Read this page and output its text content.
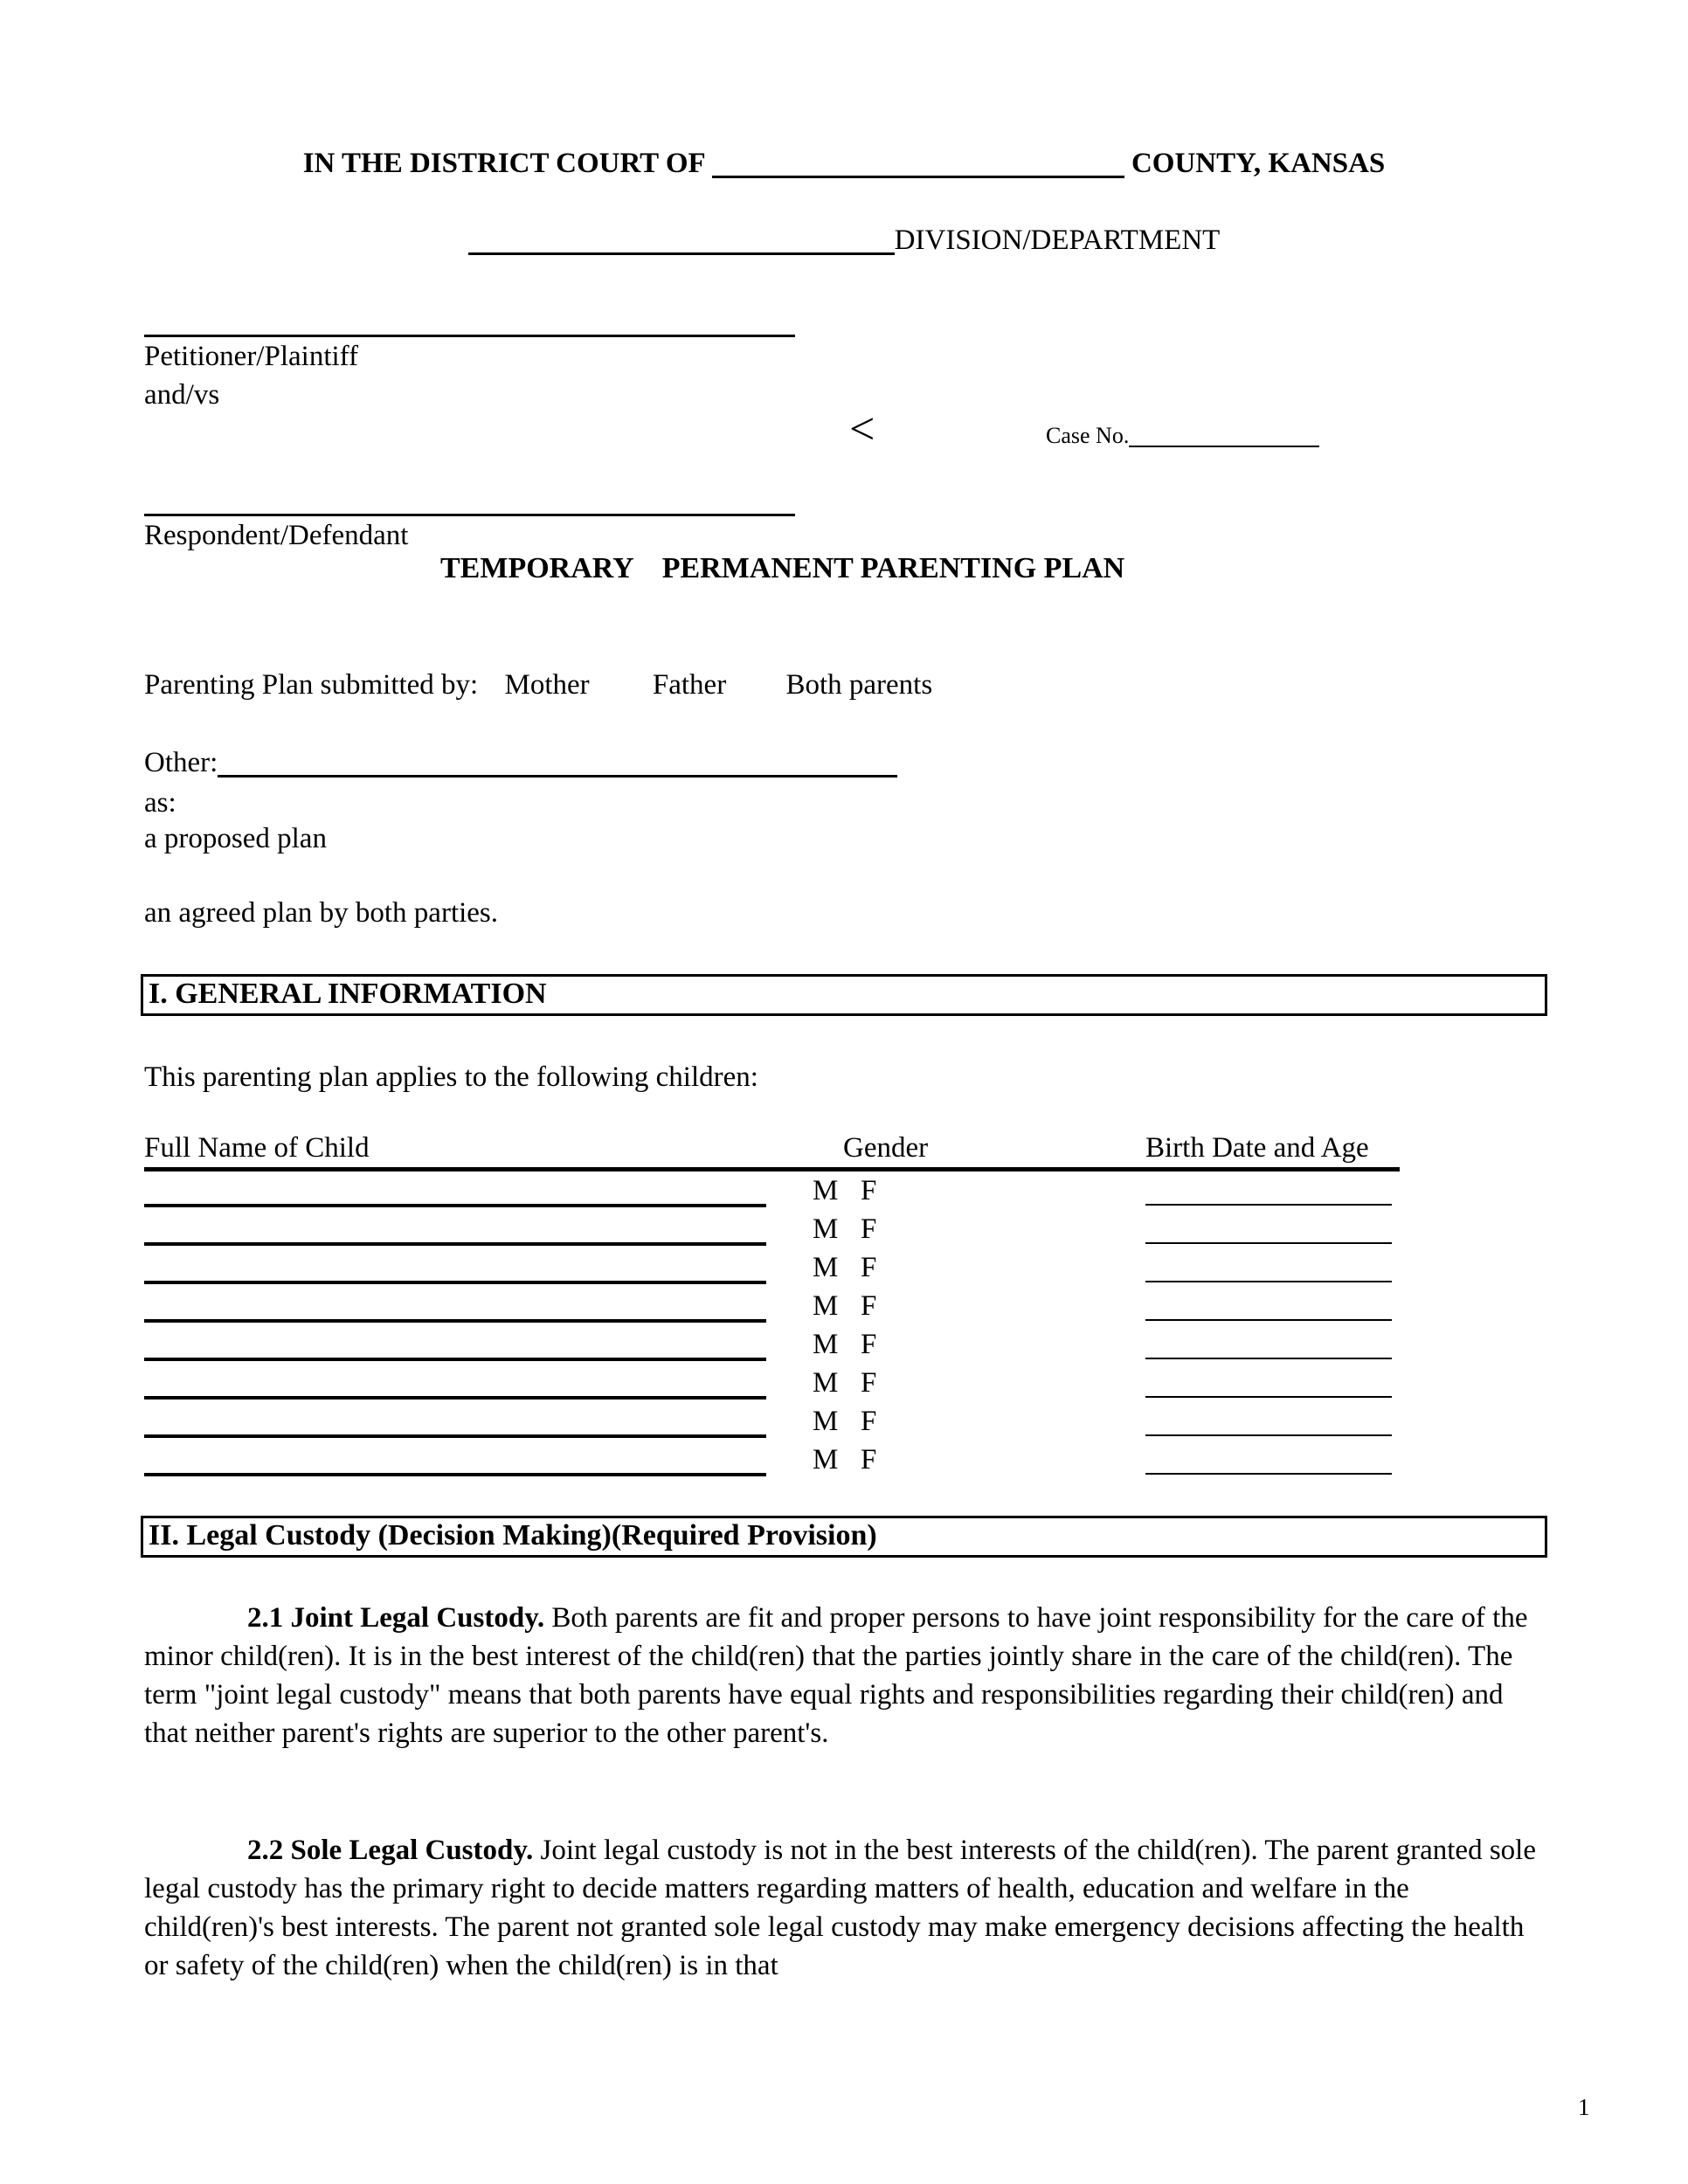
IN THE DISTRICT COURT OF	COUNTY, KANSAS
DIVISION/DEPARTMENT
Petitioner/Plaintiff
and/vs
<	Case No.
Respondent/Defendant
TEMPORARY PERMANENT PARENTING PLAN
Parenting Plan submitted by: Mother Father Both parents
Other:
as:
a proposed plan
an agreed plan by both parties.
I. GENERAL INFORMATION
This parenting plan applies to the following children:
Full Name of Child	Gender	Birth Date and Age
M F
M F
M F
M F
M F
M F
M F
M F
II. Legal Custody (Decision Making)(Required Provision)
2.1 Joint Legal Custody. Both parents are fit and proper persons to have joint responsibility for the care of the minor child(ren). It is in the best interest of the child(ren) that the parties jointly share in the care of the child(ren). The term "joint legal custody" means that both parents have equal rights and responsibilities regarding their child(ren) and that neither parent's rights are superior to the other parent's.
2.2 Sole Legal Custody. Joint legal custody is not in the best interests of the child(ren). The parent granted sole legal custody has the primary right to decide matters regarding matters of health, education and welfare in the child(ren)'s best interests. The parent not granted sole legal custody may make emergency decisions affecting the health or safety of the child(ren) when the child(ren) is in that
1
